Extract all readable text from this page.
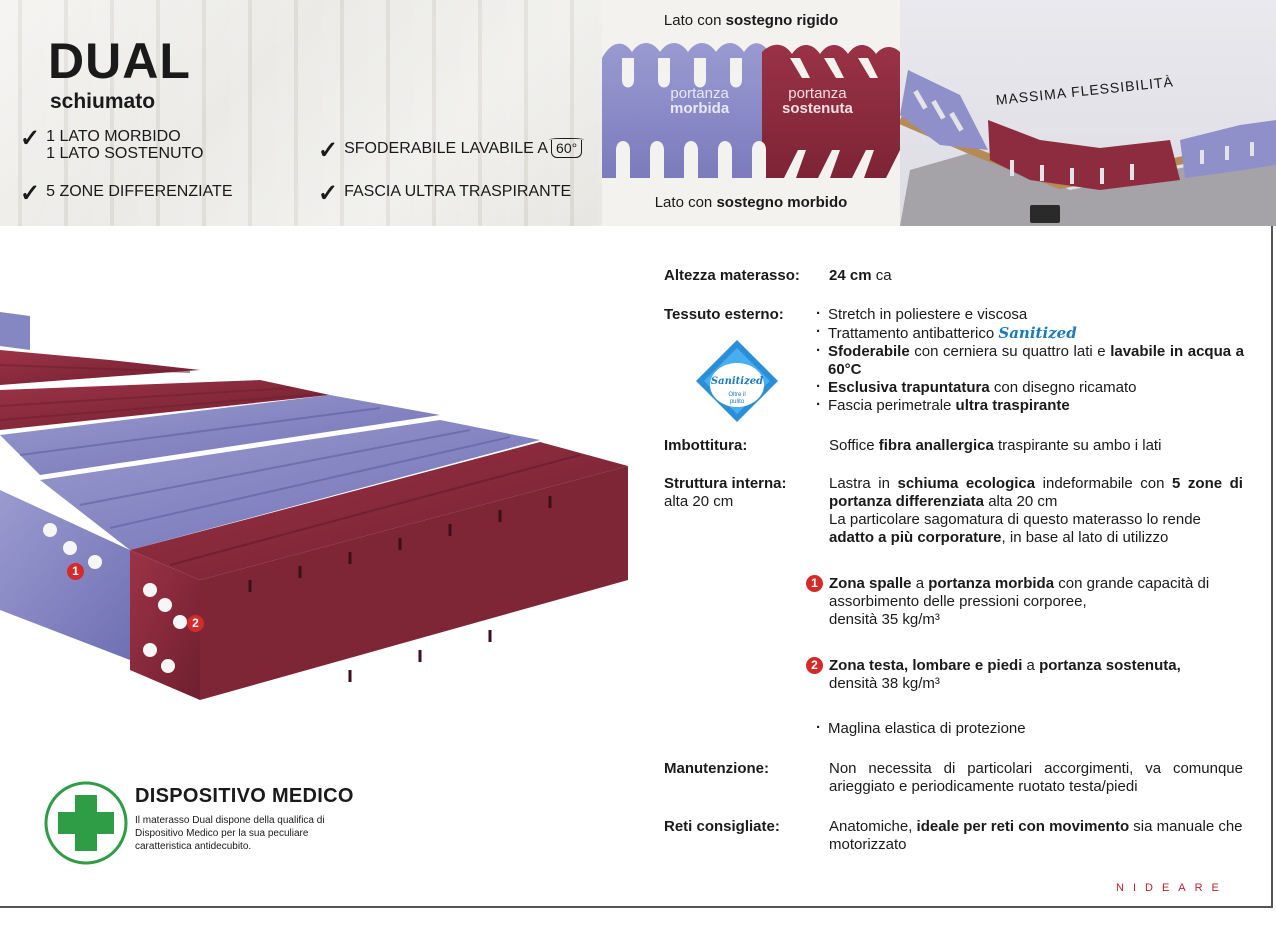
DUAL
schiumato
✓ 1 LATO MORBIDO
1 LATO SOSTENUTO
✓ 5 ZONE DIFFERENZIATE
✓ SFODERABILE LAVABILE A 60°
✓ FASCIA ULTRA TRASPIRANTE
Lato con sostegno rigido
portanza
morbida
portanza
sostenuta
Lato con sostegno morbido
MASSIMA FLESSIBILITÀ
1
2
Altezza materasso: 24 cm ca
Tessuto esterno:
Sanitized
Oltre il pulito
· Stretch in poliestere e viscosa
· Trattamento antibatterico Sanitized
· Sfoderabile con cerniera su quattro lati e lavabile in acqua a 60°C
· Esclusiva trapuntatura con disegno ricamato
· Fascia perimetrale ultra traspirante
Imbottitura:	Soffice fibra anallergica traspirante su ambo i lati
Struttura interna:
alta 20 cm
Lastra in schiuma ecologica indeformabile con 5 zone di portanza differenziata alta 20 cm
La particolare sagomatura di questo materasso lo rende adatto a più corporature, in base al lato di utilizzo
1 Zona spalle a portanza morbida con grande capacità di assorbimento delle pressioni corporee,
densità 35 kg/m³
2 Zona testa, lombare e piedi a portanza sostenuta,
densità 38 kg/m³
· Maglina elastica di protezione
Manutenzione:	Non necessita di particolari accorgimenti, va comunque arieggiato e periodicamente ruotato testa/piedi
Reti consigliate:	Anatomiche, ideale per reti con movimento sia manuale che motorizzato
DISPOSITIVO MEDICO
Il materasso Dual dispone della qualifica di Dispositivo Medico per la sua peculiare caratteristica antidecubito.
NIDEARE
